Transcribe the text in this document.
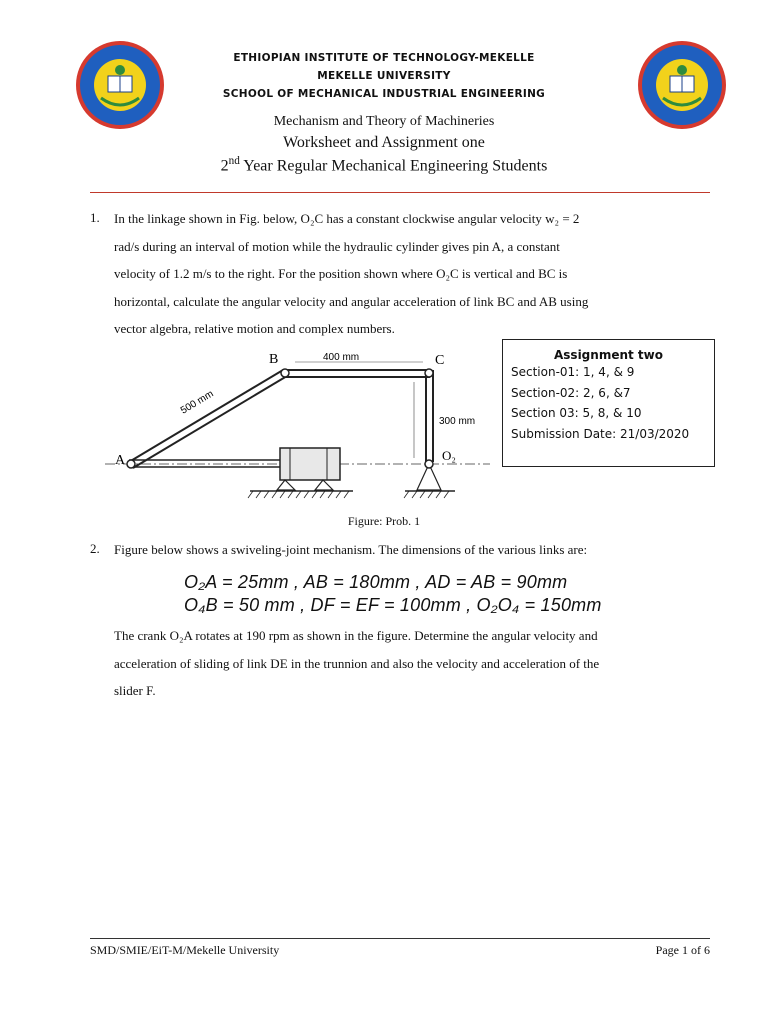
ETHIOPIAN INSTITUTE OF TECHNOLOGY-MEKELLE
MEKELLE UNIVERSITY
SCHOOL OF MECHANICAL INDUSTRIAL ENGINEERING
Mechanism and Theory of Machineries
Worksheet and Assignment one
2nd Year Regular Mechanical Engineering Students
1. In the linkage shown in Fig. below, O₂C has a constant clockwise angular velocity w₂ = 2
rad/s during an interval of motion while the hydraulic cylinder gives pin A, a constant
velocity of 1.2 m/s to the right. For the position shown where O₂C is vertical and BC is
horizontal, calculate the angular velocity and angular acceleration of link BC and AB using
vector algebra, relative motion and complex numbers.
A
B	C
O₂
400 mm
300 mm
500 mm
Figure: Prob. 1
Assignment two
Section-01: 1, 4, & 9
Section-02: 2, 6, &7
Section 03: 5, 8, & 10
Submission Date: 21/03/2020
2. Figure below shows a swiveling-joint mechanism. The dimensions of the various links are:
O₂A = 25mm , AB = 180mm , AD = AB = 90mm
O₄B = 50 mm , DF = EF = 100mm , O₂O₄ = 150mm
The crank O₂A rotates at 190 rpm as shown in the figure. Determine the angular velocity and
acceleration of sliding of link DE in the trunnion and also the velocity and acceleration of the
slider F.
SMD/SMIE/EiT-M/Mekelle University	Page 1 of 6
